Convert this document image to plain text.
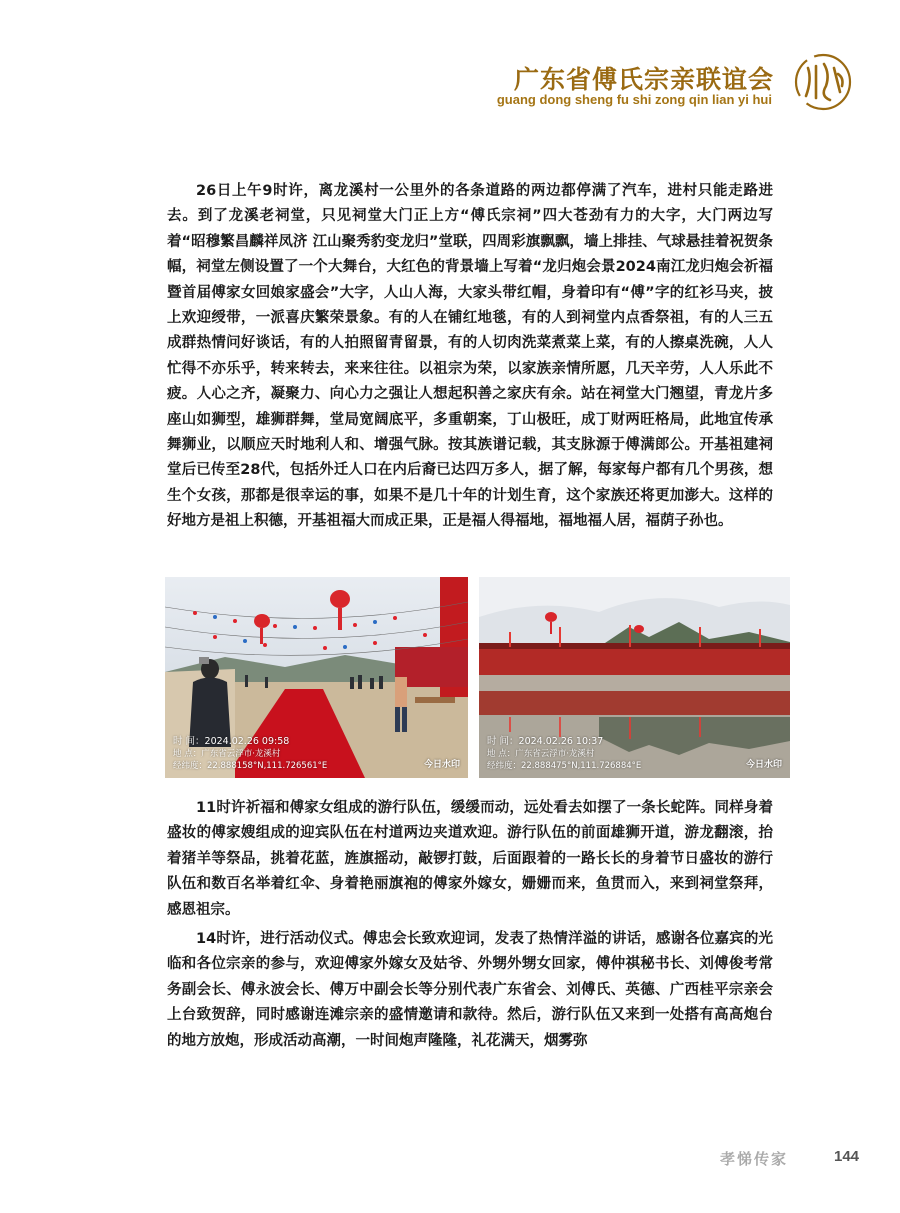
广东省傅氏宗亲联谊会
guang dong sheng fu shi zong qin lian yi hui

26日上午9时许，离龙溪村一公里外的各条道路的两边都停满了汽车，进村只能走路进去。到了龙溪老祠堂，只见祠堂大门正上方“傅氏宗祠”四大苍劲有力的大字，大门两边写着“昭穆繁昌麟祥凤济 江山聚秀豹变龙归”堂联，四周彩旗飘飘，墙上排挂、气球悬挂着祝贺条幅，祠堂左侧设置了一个大舞台，大红色的背景墙上写着“龙归炮会景2024南江龙归炮会祈福暨首届傅家女回娘家盛会”大字，人山人海，大家头带红帽，身着印有“傅”字的红衫马夹，披上欢迎绶带，一派喜庆繁荣景象。有的人在铺红地毯，有的人到祠堂内点香祭祖，有的人三五成群热情问好谈话，有的人拍照留青留景，有的人切肉洗菜煮菜上菜，有的人擦桌洗碗，人人忙得不亦乐乎，转来转去，来来往往。以祖宗为荣，以家族亲情所愿，几天辛劳，人人乐此不疲。人心之齐，凝聚力、向心力之强让人想起积善之家庆有余。站在祠堂大门翘望，青龙片多座山如狮型，雄狮群舞，堂局宽阔底平，多重朝案，丁山极旺，成丁财两旺格局，此地宜传承舞狮业，以顺应天时地利人和、增强气脉。按其族谱记载，其支脉源于傅满郎公。开基祖建祠堂后已传至28代，包括外迁人口在内后裔已达四万多人，据了解，每家每户都有几个男孩，想生个女孩，那都是很幸运的事，如果不是几十年的计划生育，这个家族还将更加澎大。这样的好地方是祖上积德，开基祖福大而成正果，正是福人得福地，福地福人居，福荫子孙也。

时 间：2024.02.26 09:58
地 点：广东省云浮市·龙溪村
经纬度：22.888158°N,111.726561°E	今日水印
时 间：2024.02.26 10:37
地 点：广东省云浮市·龙溪村
经纬度：22.888475°N,111.726884°E	今日水印

11时许祈福和傅家女组成的游行队伍，缓缓而动，远处看去如摆了一条长蛇阵。同样身着盛妆的傅家嫂组成的迎宾队伍在村道两边夹道欢迎。游行队伍的前面雄狮开道，游龙翻滚，抬着猪羊等祭品，挑着花蓝，旌旗摇动，敲锣打鼓，后面跟着的一路长长的身着节日盛妆的游行队伍和数百名举着红伞、身着艳丽旗袍的傅家外嫁女，姗姗而来，鱼贯而入，来到祠堂祭拜，感恩祖宗。

14时许，进行活动仪式。傅忠会长致欢迎词，发表了热情洋溢的讲话，感谢各位嘉宾的光临和各位宗亲的参与，欢迎傅家外嫁女及姑爷、外甥外甥女回家，傅仲祺秘书长、刘傅俊考常务副会长、傅永波会长、傅万中副会长等分别代表广东省会、刘傅氏、英德、广西桂平宗亲会上台致贺辞，同时感谢连滩宗亲的盛情邀请和款待。然后，游行队伍又来到一处搭有高高炮台的地方放炮，形成活动高潮，一时间炮声隆隆，礼花满天，烟雾弥

孝悌传家	144
